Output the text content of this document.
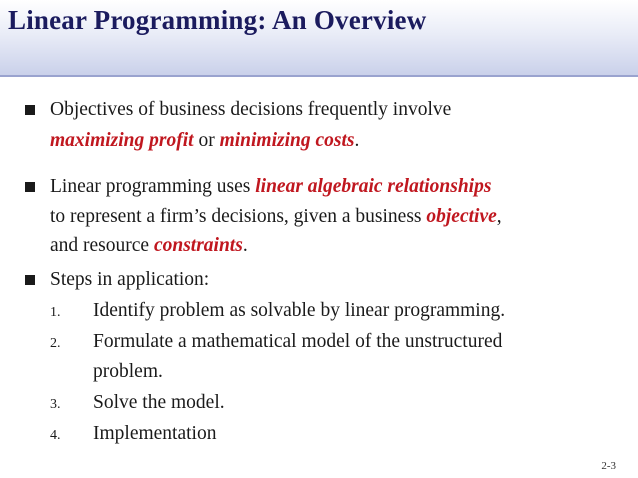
Linear Programming: An Overview
Objectives of business decisions frequently involve
maximizing profit or minimizing costs.
Linear programming uses linear algebraic relationships
to represent a firm’s decisions, given a business objective,
and resource constraints.
Steps in application:
1. Identify problem as solvable by linear programming.
2. Formulate a mathematical model of the unstructured
problem.
3. Solve the model.
4. Implementation
2-3
